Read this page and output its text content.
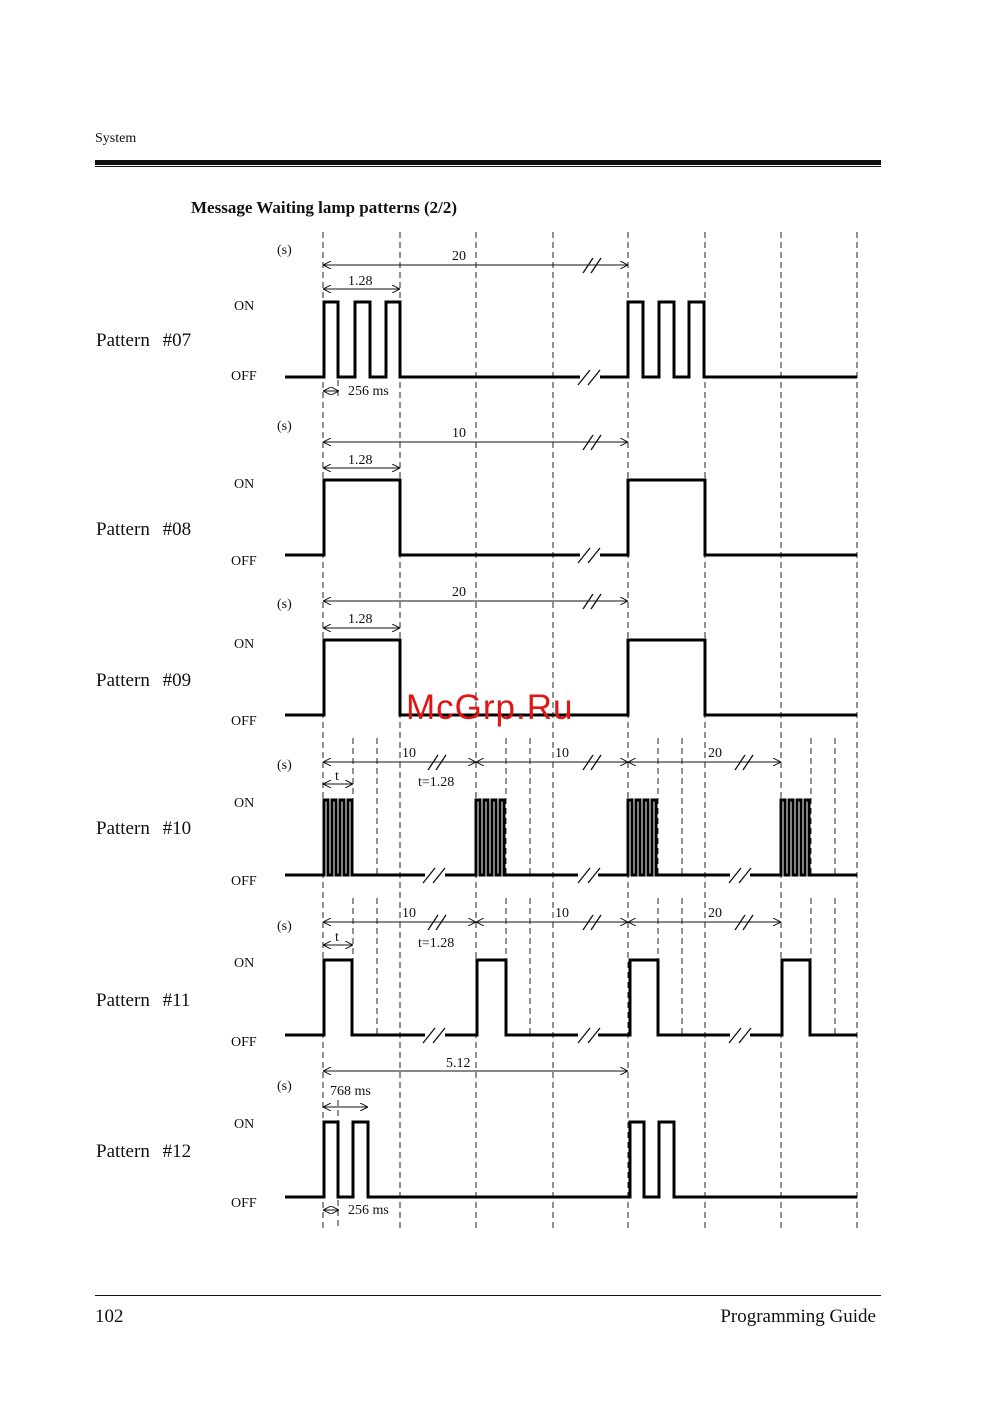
System
Message Waiting lamp patterns (2/2)
Pattern #07
Pattern #08
Pattern #09
Pattern #10
Pattern #11
Pattern #12
(s)
ON
OFF
20
1.28
256 ms
(s)
ON
OFF
10
1.28
(s)
ON
OFF
20
1.28
(s)
ON
OFF
10	10	20
t	t=1.28
(s)
ON
OFF
10	10	20
t	t=1.28
(s)
ON
OFF
5.12
768 ms
256 ms
McGrp.Ru
102	Programming Guide
